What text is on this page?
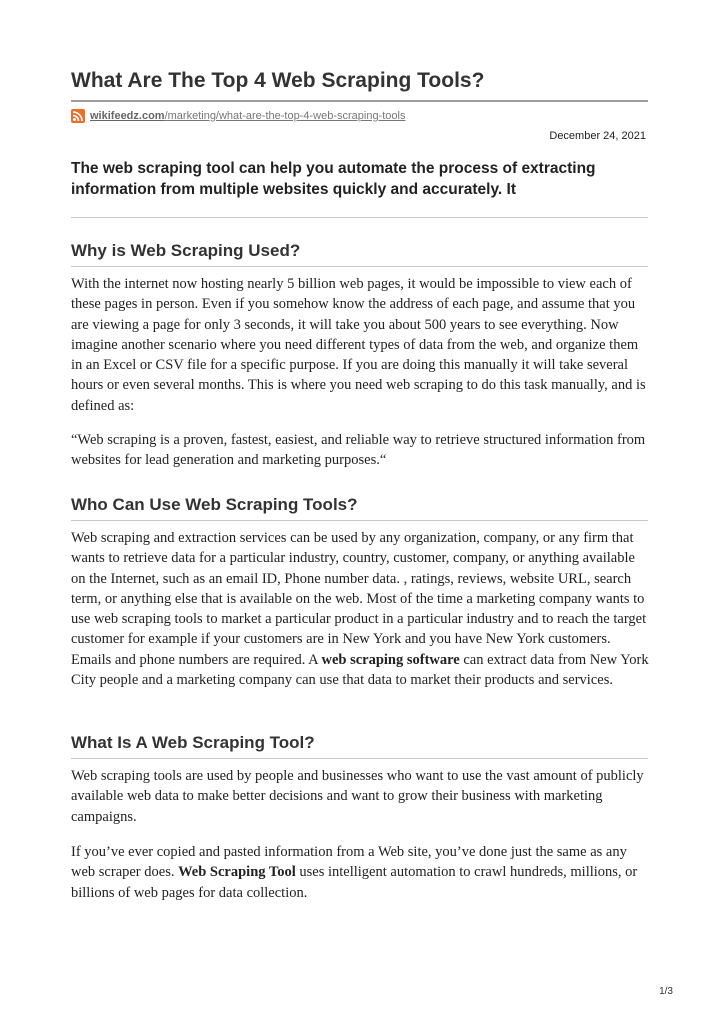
What Are The Top 4 Web Scraping Tools?
wikifeedz.com /marketing/what-are-the-top-4-web-scraping-tools
December 24, 2021

The web scraping tool can help you automate the process of extracting information from multiple websites quickly and accurately. It

Why is Web Scraping Used?

With the internet now hosting nearly 5 billion web pages, it would be impossible to view each of these pages in person. Even if you somehow know the address of each page, and assume that you are viewing a page for only 3 seconds, it will take you about 500 years to see everything. Now imagine another scenario where you need different types of data from the web, and organize them in an Excel or CSV file for a specific purpose. If you are doing this manually it will take several hours or even several months. This is where you need web scraping to do this task manually, and is defined as:

“Web scraping is a proven, fastest, easiest, and reliable way to retrieve structured information from websites for lead generation and marketing purposes.“

Who Can Use Web Scraping Tools?

Web scraping and extraction services can be used by any organization, company, or any firm that wants to retrieve data for a particular industry, country, customer, company, or anything available on the Internet, such as an email ID, Phone number data. , ratings, reviews, website URL, search term, or anything else that is available on the web. Most of the time a marketing company wants to use web scraping tools to market a particular product in a particular industry and to reach the target customer for example if your customers are in New York and you have New York customers. Emails and phone numbers are required. A web scraping software can extract data from New York City people and a marketing company can use that data to market their products and services.

What Is A Web Scraping Tool?

Web scraping tools are used by people and businesses who want to use the vast amount of publicly available web data to make better decisions and want to grow their business with marketing campaigns.

If you’ve ever copied and pasted information from a Web site, you’ve done just the same as any web scraper does. Web Scraping Tool uses intelligent automation to crawl hundreds, millions, or billions of web pages for data collection.

1/3
